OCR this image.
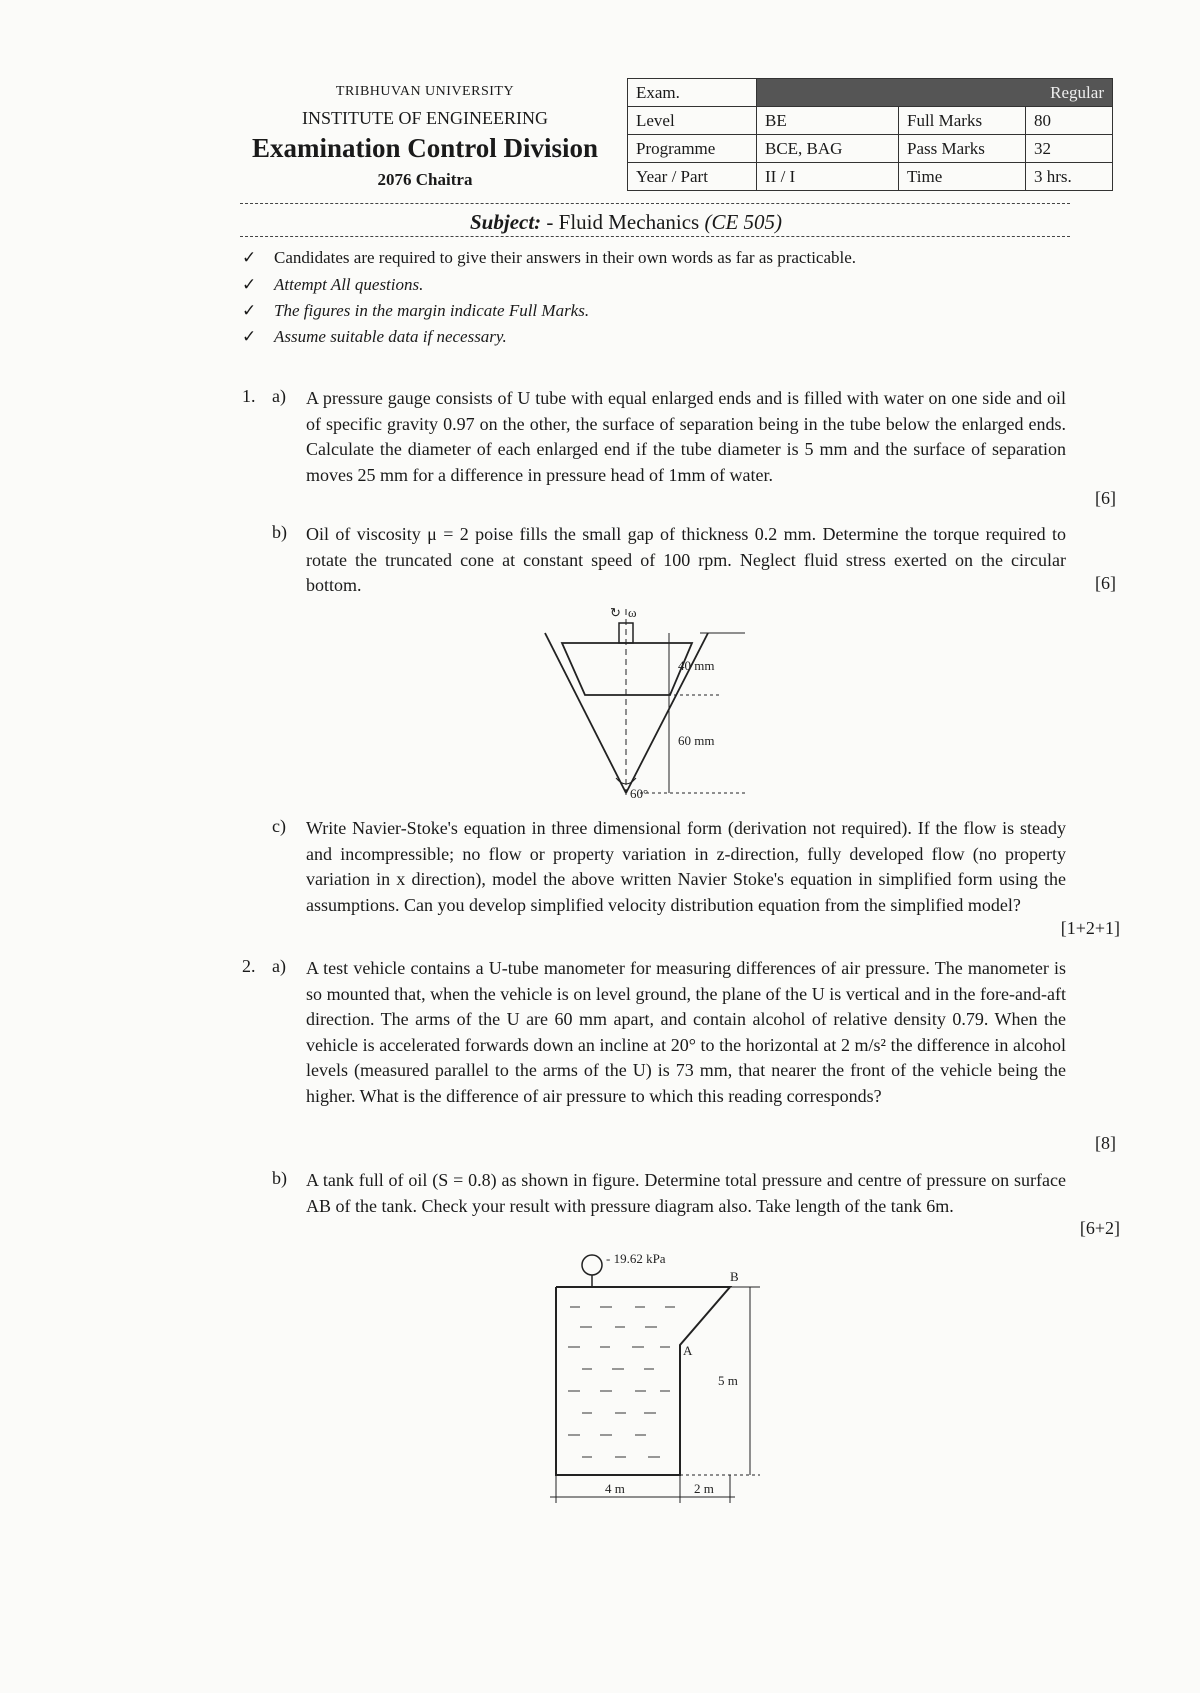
TRIBHUVAN UNIVERSITY
INSTITUTE OF ENGINEERING
Examination Control Division
2076 Chaitra
Exam.	Regular		
Level	BE	Full Marks	80
Programme	BCE, BAG	Pass Marks	32
Year / Part	II / I	Time	3 hrs.
Subject: - Fluid Mechanics (CE 505)
✓ Candidates are required to give their answers in their own words as far as practicable.
✓ Attempt All questions.
✓ The figures in the margin indicate Full Marks.
✓ Assume suitable data if necessary.
1. a) A pressure gauge consists of U tube with equal enlarged ends and is filled with water on one side and oil of specific gravity 0.97 on the other, the surface of separation being in the tube below the enlarged ends. Calculate the diameter of each enlarged end if the tube diameter is 5 mm and the surface of separation moves 25 mm for a difference in pressure head of 1mm of water.
[6]
b) Oil of viscosity μ = 2 poise fills the small gap of thickness 0.2 mm. Determine the torque required to rotate the truncated cone at constant speed of 100 rpm. Neglect fluid stress exerted on the circular bottom.	[6]
↻ ω
60°
40 mm
60 mm
c) Write Navier-Stoke's equation in three dimensional form (derivation not required). If the flow is steady and incompressible; no flow or property variation in z-direction, fully developed flow (no property variation in x direction), model the above written Navier Stoke's equation in simplified form using the assumptions. Can you develop simplified velocity distribution equation from the simplified model?
[1+2+1]
2. a) A test vehicle contains a U-tube manometer for measuring differences of air pressure. The manometer is so mounted that, when the vehicle is on level ground, the plane of the U is vertical and in the fore-and-aft direction. The arms of the U are 60 mm apart, and contain alcohol of relative density 0.79. When the vehicle is accelerated forwards down an incline at 20° to the horizontal at 2 m/s² the difference in alcohol levels (measured parallel to the arms of the U) is 73 mm, that nearer the front of the vehicle being the higher. What is the difference of air pressure to which this reading corresponds?
[8]
b) A tank full of oil (S = 0.8) as shown in figure. Determine total pressure and centre of pressure on surface AB of the tank. Check your result with pressure diagram also. Take length of the tank 6m.
[6+2]
- 19.62 kPa
A
B
5 m
4 m	2 m
